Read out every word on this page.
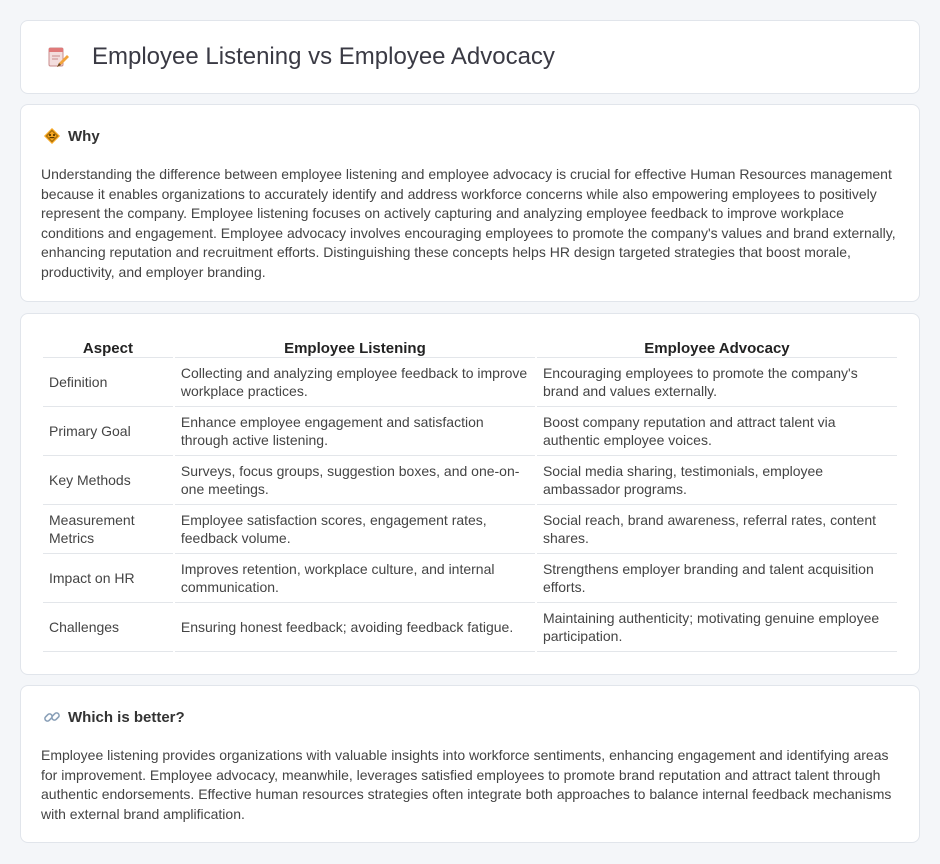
Employee Listening vs Employee Advocacy
Why

Understanding the difference between employee listening and employee advocacy is crucial for effective Human Resources management because it enables organizations to accurately identify and address workforce concerns while also empowering employees to positively represent the company. Employee listening focuses on actively capturing and analyzing employee feedback to improve workplace conditions and engagement. Employee advocacy involves encouraging employees to promote the company's values and brand externally, enhancing reputation and recruitment efforts. Distinguishing these concepts helps HR design targeted strategies that boost morale, productivity, and employer branding.

Aspect	Employee Listening	Employee Advocacy
Definition	Collecting and analyzing employee feedback to improve workplace practices.	Encouraging employees to promote the company's brand and values externally.
Primary Goal	Enhance employee engagement and satisfaction through active listening.	Boost company reputation and attract talent via authentic employee voices.
Key Methods	Surveys, focus groups, suggestion boxes, and one-on-one meetings.	Social media sharing, testimonials, employee ambassador programs.
Measurement Metrics	Employee satisfaction scores, engagement rates, feedback volume.	Social reach, brand awareness, referral rates, content shares.
Impact on HR	Improves retention, workplace culture, and internal communication.	Strengthens employer branding and talent acquisition efforts.
Challenges	Ensuring honest feedback; avoiding feedback fatigue.	Maintaining authenticity; motivating genuine employee participation.
Which is better?

Employee listening provides organizations with valuable insights into workforce sentiments, enhancing engagement and identifying areas for improvement. Employee advocacy, meanwhile, leverages satisfied employees to promote brand reputation and attract talent through authentic endorsements. Effective human resources strategies often integrate both approaches to balance internal feedback mechanisms with external brand amplification.
